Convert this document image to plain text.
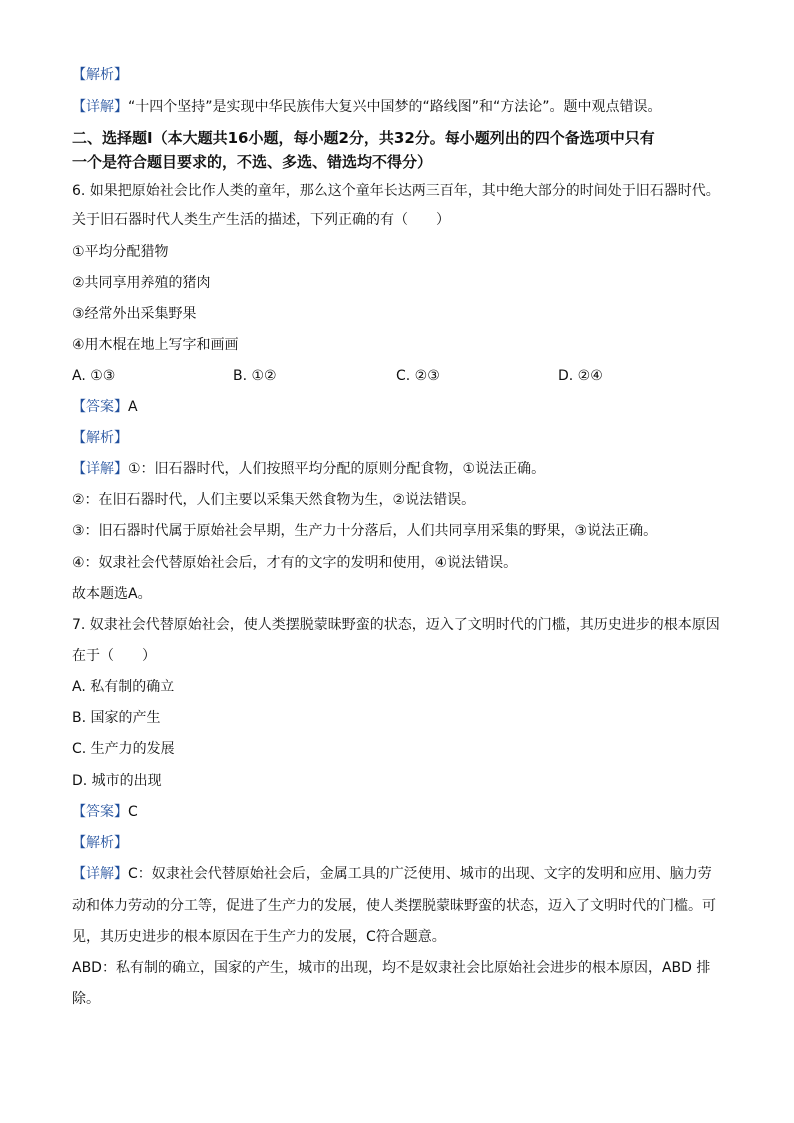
【解析】
【详解】“十四个坚持”是实现中华民族伟大复兴中国梦的“路线图”和“方法论”。题中观点错误。
二、选择题Ⅰ（本大题共16小题，每小题2分，共32分。每小题列出的四个备选项中只有
一个是符合题目要求的，不选、多选、错选均不得分）
6. 如果把原始社会比作人类的童年，那么这个童年长达两三百年，其中绝大部分的时间处于旧石器时代。
关于旧石器时代人类生产生活的描述，下列正确的有（　　）
①平均分配猎物
②共同享用养殖的猪肉
③经常外出采集野果
④用木棍在地上写字和画画
A. ①③	B. ①②	C. ②③	D. ②④
【答案】A
【解析】
【详解】①：旧石器时代，人们按照平均分配的原则分配食物，①说法正确。
②：在旧石器时代，人们主要以采集天然食物为生，②说法错误。
③：旧石器时代属于原始社会早期，生产力十分落后，人们共同享用采集的野果，③说法正确。
④：奴隶社会代替原始社会后，才有的文字的发明和使用，④说法错误。
故本题选A。
7. 奴隶社会代替原始社会，使人类摆脱蒙昧野蛮的状态，迈入了文明时代的门槛，其历史进步的根本原因
在于（　　）
A. 私有制的确立
B. 国家的产生
C. 生产力的发展
D. 城市的出现
【答案】C
【解析】
【详解】C：奴隶社会代替原始社会后，金属工具的广泛使用、城市的出现、文字的发明和应用、脑力劳
动和体力劳动的分工等，促进了生产力的发展，使人类摆脱蒙昧野蛮的状态，迈入了文明时代的门槛。可
见，其历史进步的根本原因在于生产力的发展，C符合题意。
ABD：私有制的确立，国家的产生，城市的出现，均不是奴隶社会比原始社会进步的根本原因，ABD 排
除。
